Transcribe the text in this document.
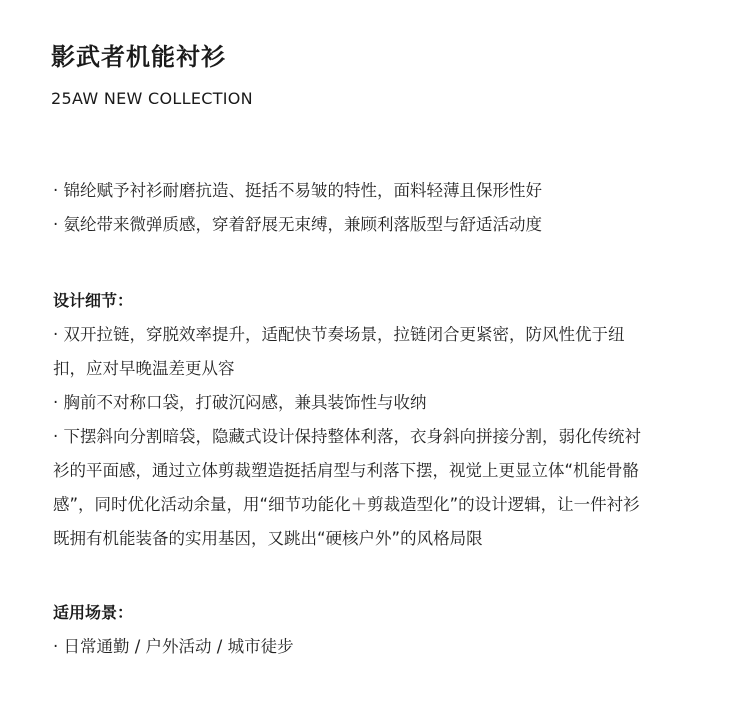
影武者机能衬衫
25AW NEW COLLECTION
· 锦纶赋予衬衫耐磨抗造、挺括不易皱的特性，面料轻薄且保形性好
· 氨纶带来微弹质感，穿着舒展无束缚，兼顾利落版型与舒适活动度
设计细节：
· 双开拉链，穿脱效率提升，适配快节奏场景，拉链闭合更紧密，防风性优于纽
扣，应对早晚温差更从容
· 胸前不对称口袋，打破沉闷感，兼具装饰性与收纳
· 下摆斜向分割暗袋，隐藏式设计保持整体利落，衣身斜向拼接分割，弱化传统衬
衫的平面感，通过立体剪裁塑造挺括肩型与利落下摆，视觉上更显立体“机能骨骼
感”，同时优化活动余量，用“细节功能化＋剪裁造型化”的设计逻辑，让一件衬衫
既拥有机能装备的实用基因，又跳出“硬核户外”的风格局限
适用场景：
· 日常通勤 / 户外活动 / 城市徒步
